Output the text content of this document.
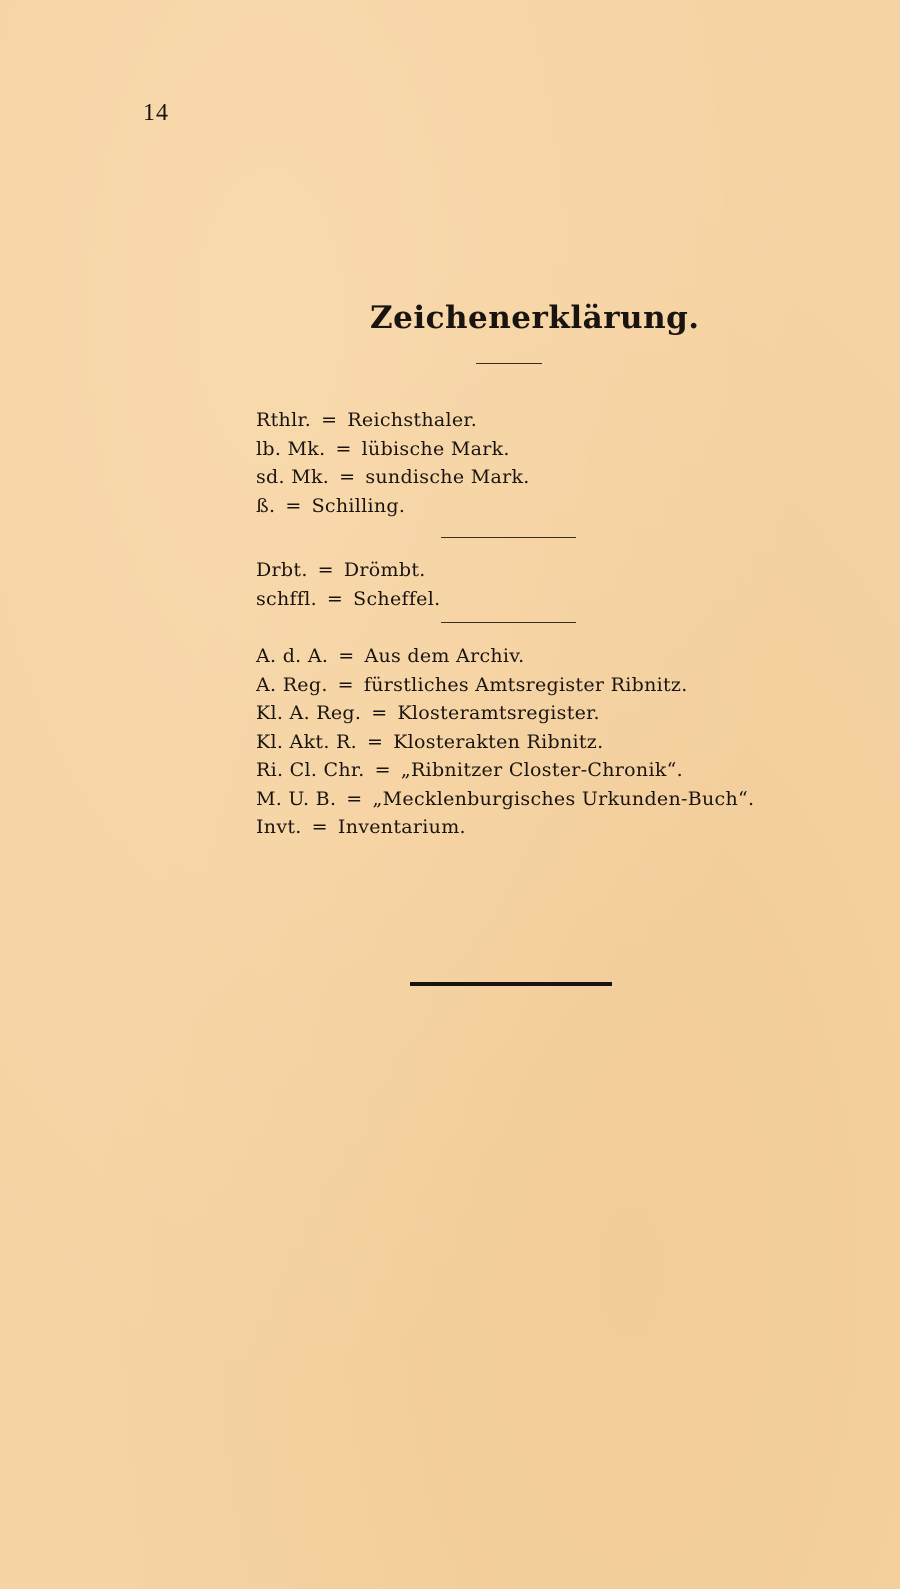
14
Zeichenerklärung.
Rthlr. = Reichsthaler.
lb. Mk. = lübische Mark.
sd. Mk. = sundische Mark.
ß. = Schilling.
Drbt. = Drömbt.
schffl. = Scheffel.
A. d. A. = Aus dem Archiv.
A. Reg. = fürstliches Amtsregister Ribnitz.
Kl. A. Reg. = Klosteramtsregister.
Kl. Akt. R. = Klosterakten Ribnitz.
Ri. Cl. Chr. = „Ribnitzer Closter-Chronik“.
M. U. B. = „Mecklenburgisches Urkunden-Buch“.
Invt. = Inventarium.
